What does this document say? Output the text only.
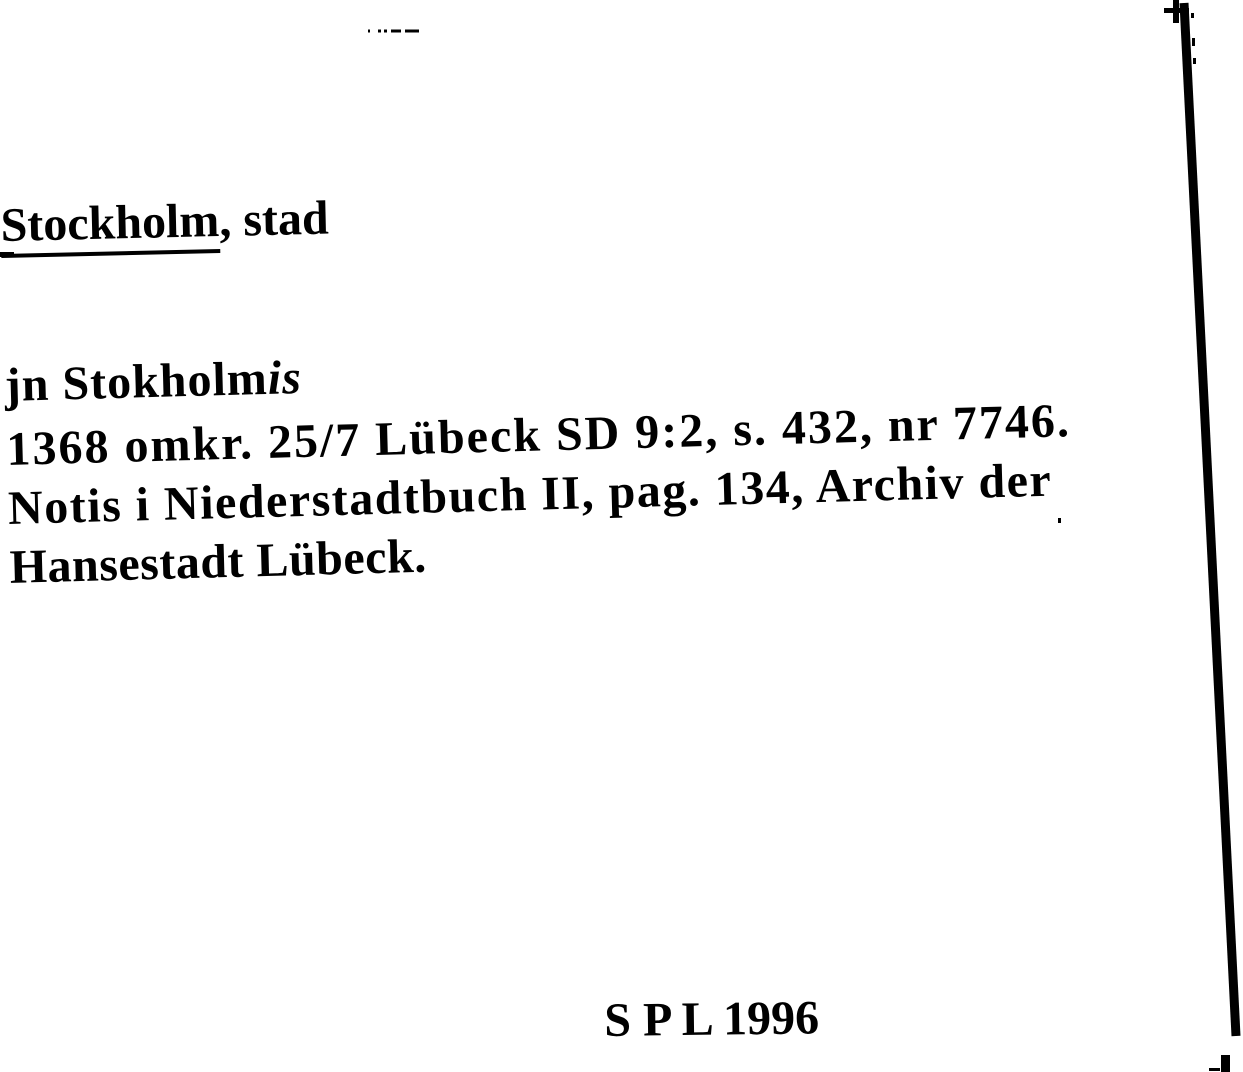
Stockholm, stad
jn Stokholmis
1368 omkr. 25/7 Lübeck SD 9:2, s. 432, nr 7746.
Notis i Niederstadtbuch II, pag. 134, Archiv der
Hansestadt Lübeck.
S P L 1996
